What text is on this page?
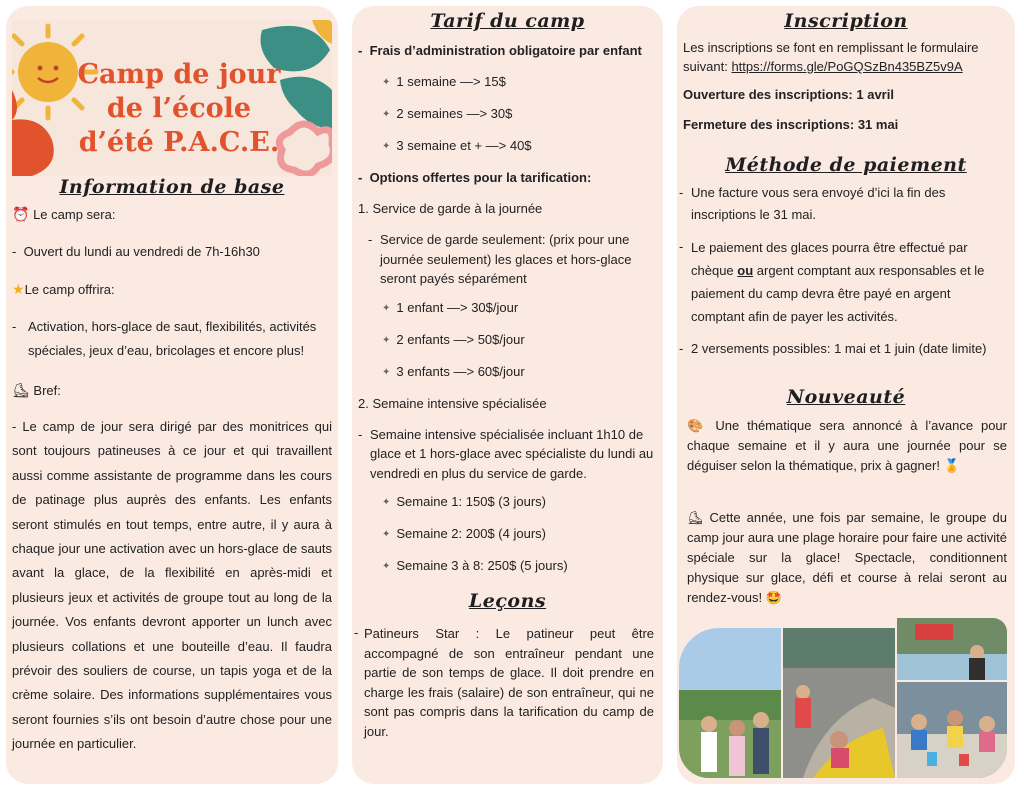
Camp de jour
de l’école
d’été P.A.C.E.
Information de base

⏰ Le camp sera:

-  Ouvert du lundi au vendredi de 7h-16h30

★Le camp offrira:

- Activation, hors-glace de saut, flexibilités, activités spéciales, jeux d’eau, bricolages et encore plus!

⛸ Bref:

- Le camp de jour sera dirigé par des monitrices qui sont toujours patineuses à ce jour et qui travaillent aussi comme assistante de programme dans les cours de patinage plus auprès des enfants. Les enfants seront stimulés en tout temps, entre autre, il y aura à chaque jour une activation avec un hors-glace de sauts avant la glace, de la flexibilité en après-midi et plusieurs jeux et activités de groupe tout au long de la journée. Vos enfants devront apporter un lunch avec plusieurs collations et une bouteille d’eau. Il faudra prévoir des souliers de course, un tapis yoga et de la crème solaire. Des informations supplémentaires vous seront fournies s’ils ont besoin d’autre chose pour une journée en particulier.

Tarif du camp

-  Frais d’administration obligatoire par enfant

✦ 1 semaine —> 15$

✦ 2 semaines —> 30$

✦ 3 semaine et + —> 40$

-  Options offertes pour la tarification:

1. Service de garde à la journée

- Service de garde seulement: (prix pour une journée seulement) les glaces et hors-glace seront payés séparément

✦ 1 enfant —> 30$/jour

✦ 2 enfants —> 50$/jour

✦ 3 enfants —> 60$/jour

2. Semaine intensive spécialisée

- Semaine intensive spécialisée incluant 1h10 de glace et 1 hors-glace avec spécialiste du lundi au vendredi en plus du service de garde.

✦ Semaine 1: 150$ (3 jours)

✦ Semaine 2: 200$ (4 jours)

✦ Semaine 3 à 8: 250$ (5 jours)

Leçons
- Patineurs Star : Le patineur peut être accompagné de son entraîneur pendant une partie de son temps de glace. Il doit prendre en charge les frais (salaire) de son entraîneur, qui ne sont pas compris dans la tarification du camp de jour.

Inscription

Les inscriptions se font en remplissant le formulaire suivant: https://forms.gle/PoGQSzBn435BZ5v9A

Ouverture des inscriptions: 1 avril

Fermeture des inscriptions: 31 mai

Méthode de paiement
- Une facture vous sera envoyé d’ici la fin des inscriptions le 31 mai.

- Le paiement des glaces pourra être effectué par chèque ou argent comptant aux responsables et le paiement du camp devra être payé en argent comptant afin de payer les activités.

- 2 versements possibles: 1 mai et 1 juin (date limite)

Nouveauté

🎨 Une thématique sera annoncé à l’avance pour chaque semaine et il y aura une journée pour se déguiser selon la thématique, prix à gagner! 🏅

⛸ Cette année, une fois par semaine, le groupe du camp jour aura une plage horaire pour faire une activité spéciale sur la glace! Spectacle, conditionnent physique sur glace, défi et course à relai seront au rendez-vous! 🤩
